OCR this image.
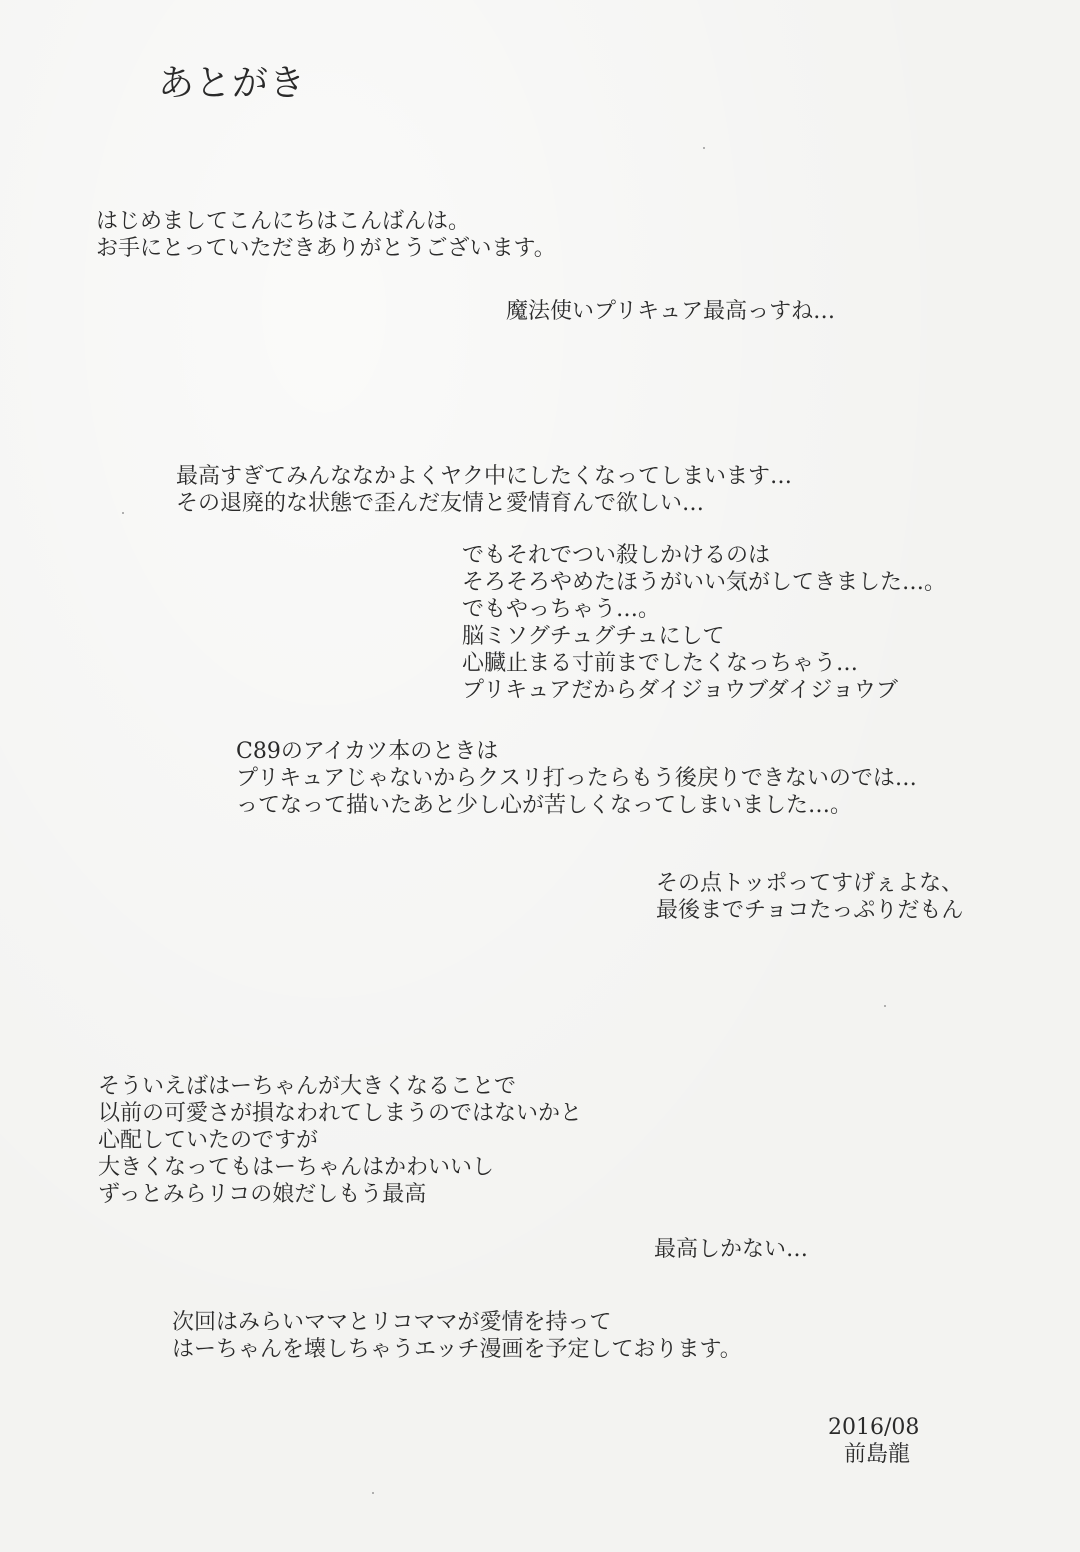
あとがき
はじめましてこんにちはこんばんは。
お手にとっていただきありがとうございます。
魔法使いプリキュア最高っすね…
最高すぎてみんななかよくヤク中にしたくなってしまいます…
その退廃的な状態で歪んだ友情と愛情育んで欲しい…
でもそれでつい殺しかけるのは
そろそろやめたほうがいい気がしてきました…。
でもやっちゃう…。
脳ミソグチュグチュにして
心臓止まる寸前までしたくなっちゃう…
プリキュアだからダイジョウブダイジョウブ
C89のアイカツ本のときは
プリキュアじゃないからクスリ打ったらもう後戻りできないのでは…
ってなって描いたあと少し心が苦しくなってしまいました…。
その点トッポってすげぇよな、
最後までチョコたっぷりだもん
そういえばはーちゃんが大きくなることで
以前の可愛さが損なわれてしまうのではないかと
心配していたのですが
大きくなってもはーちゃんはかわいいし
ずっとみらリコの娘だしもう最高
最高しかない…
次回はみらいママとリコママが愛情を持って
はーちゃんを壊しちゃうエッチ漫画を予定しております。
2016/08
前島龍
